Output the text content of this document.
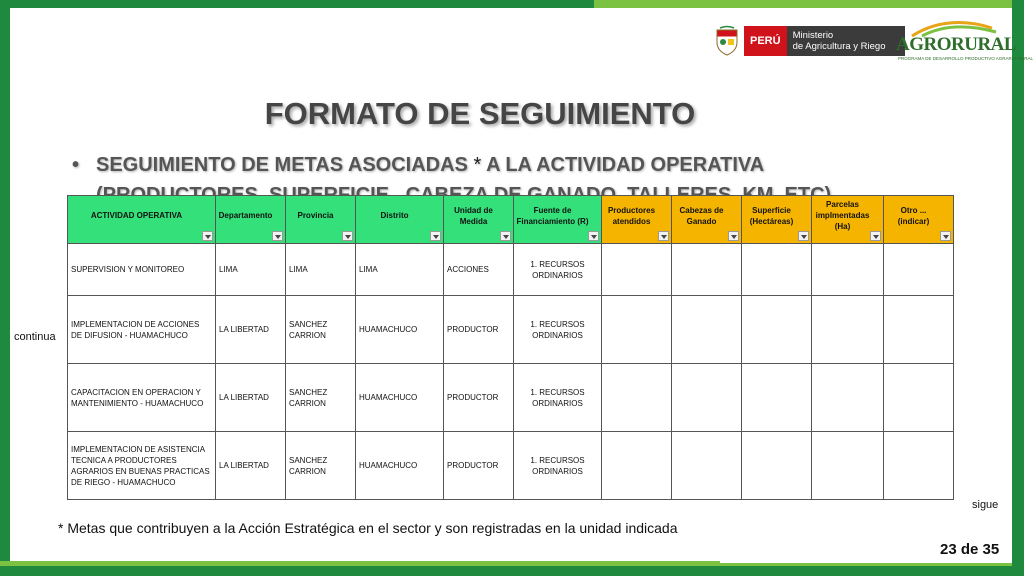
PERÚ	Ministerio
de Agricultura y Riego AGRORURAL
PROGRAMA DE DESARROLLO PRODUCTIVO AGRARIO RURAL
FORMATO DE SEGUIMIENTO
• SEGUIMIENTO DE METAS ASOCIADAS * A LA ACTIVIDAD OPERATIVA
ACTIVIDAD OPERATIVA	Departamento	Provincia	Distrito	Unidad de Medida	Fuente de Financiamiento (R)	Productores atendidos	Cabezas de Ganado	Superficie (Hectáreas)	Parcelas implmentadas (Ha)	Otro ... (indicar)

SUPERVISION Y MONITOREO	LIMA	LIMA	LIMA	ACCIONES	1. RECURSOS ORDINARIOS					
IMPLEMENTACION DE ACCIONES DE DIFUSION - HUAMACHUCO	LA LIBERTAD	SANCHEZ CARRION	HUAMACHUCO	PRODUCTOR	1. RECURSOS ORDINARIOS					
CAPACITACION EN OPERACION Y MANTENIMIENTO - HUAMACHUCO	LA LIBERTAD	SANCHEZ CARRION	HUAMACHUCO	PRODUCTOR	1. RECURSOS ORDINARIOS					
IMPLEMENTACION DE ASISTENCIA TECNICA A PRODUCTORES AGRARIOS EN BUENAS PRACTICAS DE RIEGO - HUAMACHUCO	LA LIBERTAD	SANCHEZ CARRION	HUAMACHUCO	PRODUCTOR	1. RECURSOS ORDINARIOS					
continua
sigue
* Metas que contribuyen a la Acción Estratégica en el sector y son registradas en la unidad indicada
23 de 35
